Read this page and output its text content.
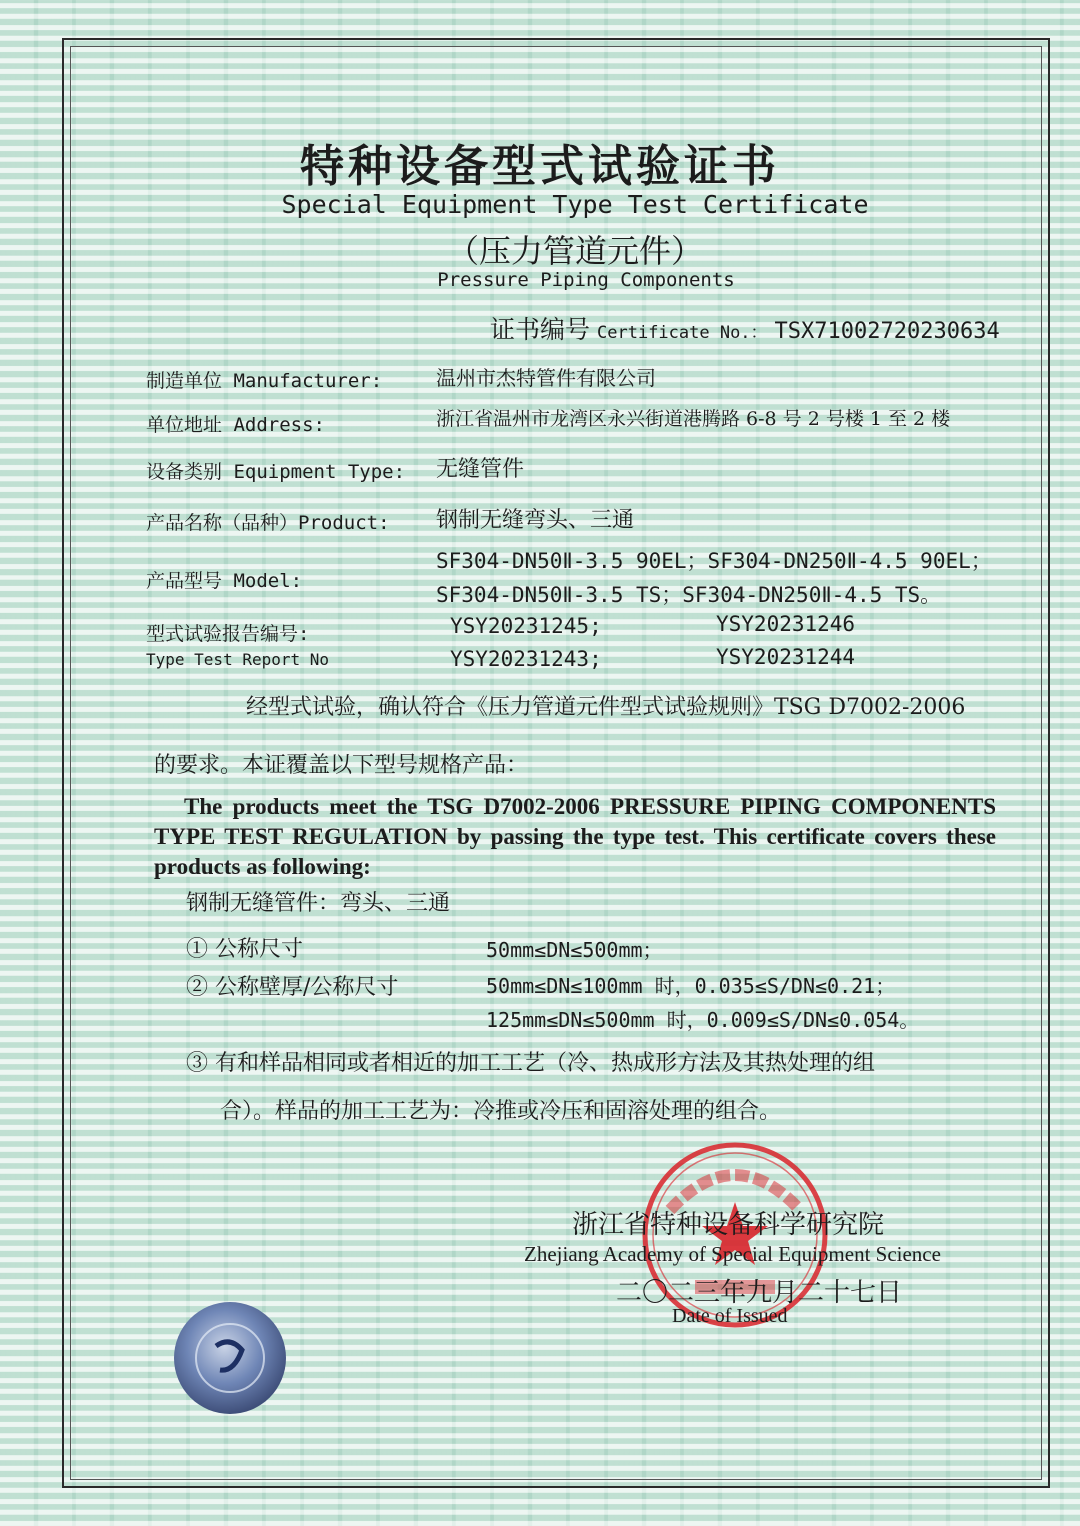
特种设备型式试验证书
Special Equipment Type Test Certificate
（压力管道元件）
Pressure Piping Components
证书编号 Certificate No.： TSX71002720230634
制造单位 Manufacturer:	温州市杰特管件有限公司
单位地址 Address:	浙江省温州市龙湾区永兴街道港腾路 6-8 号 2 号楼 1 至 2 楼
设备类别 Equipment Type: 无缝管件
产品名称（品种）Product: 钢制无缝弯头、三通
产品型号 Model:
SF304-DN50Ⅱ-3.5 90EL；SF304-DN250Ⅱ-4.5 90EL；
SF304-DN50Ⅱ-3.5 TS；SF304-DN250Ⅱ-4.5 TS。
型式试验报告编号:
Type Test Report No
YSY20231245;	YSY20231246
YSY20231243;	YSY20231244
经型式试验，确认符合《压力管道元件型式试验规则》TSG D7002-2006
的要求。本证覆盖以下型号规格产品：
The products meet the TSG D7002-2006 PRESSURE PIPING COMPONENTS TYPE TEST REGULATION by passing the type test. This certificate covers these products as following:
钢制无缝管件：弯头、三通
① 公称尺寸	50mm≤DN≤500mm；
② 公称壁厚/公称尺寸	50mm≤DN≤100mm 时，0.035≤S/DN≤0.21；
125mm≤DN≤500mm 时，0.009≤S/DN≤0.054。
③ 有和样品相同或者相近的加工工艺（冷、热成形方法及其热处理的组
合）。样品的加工工艺为：冷推或冷压和固溶处理的组合。
浙江省特种设备科学研究院
Zhejiang Academy of Special Equipment Science
二〇二三年九月二十七日
Date of Issued
